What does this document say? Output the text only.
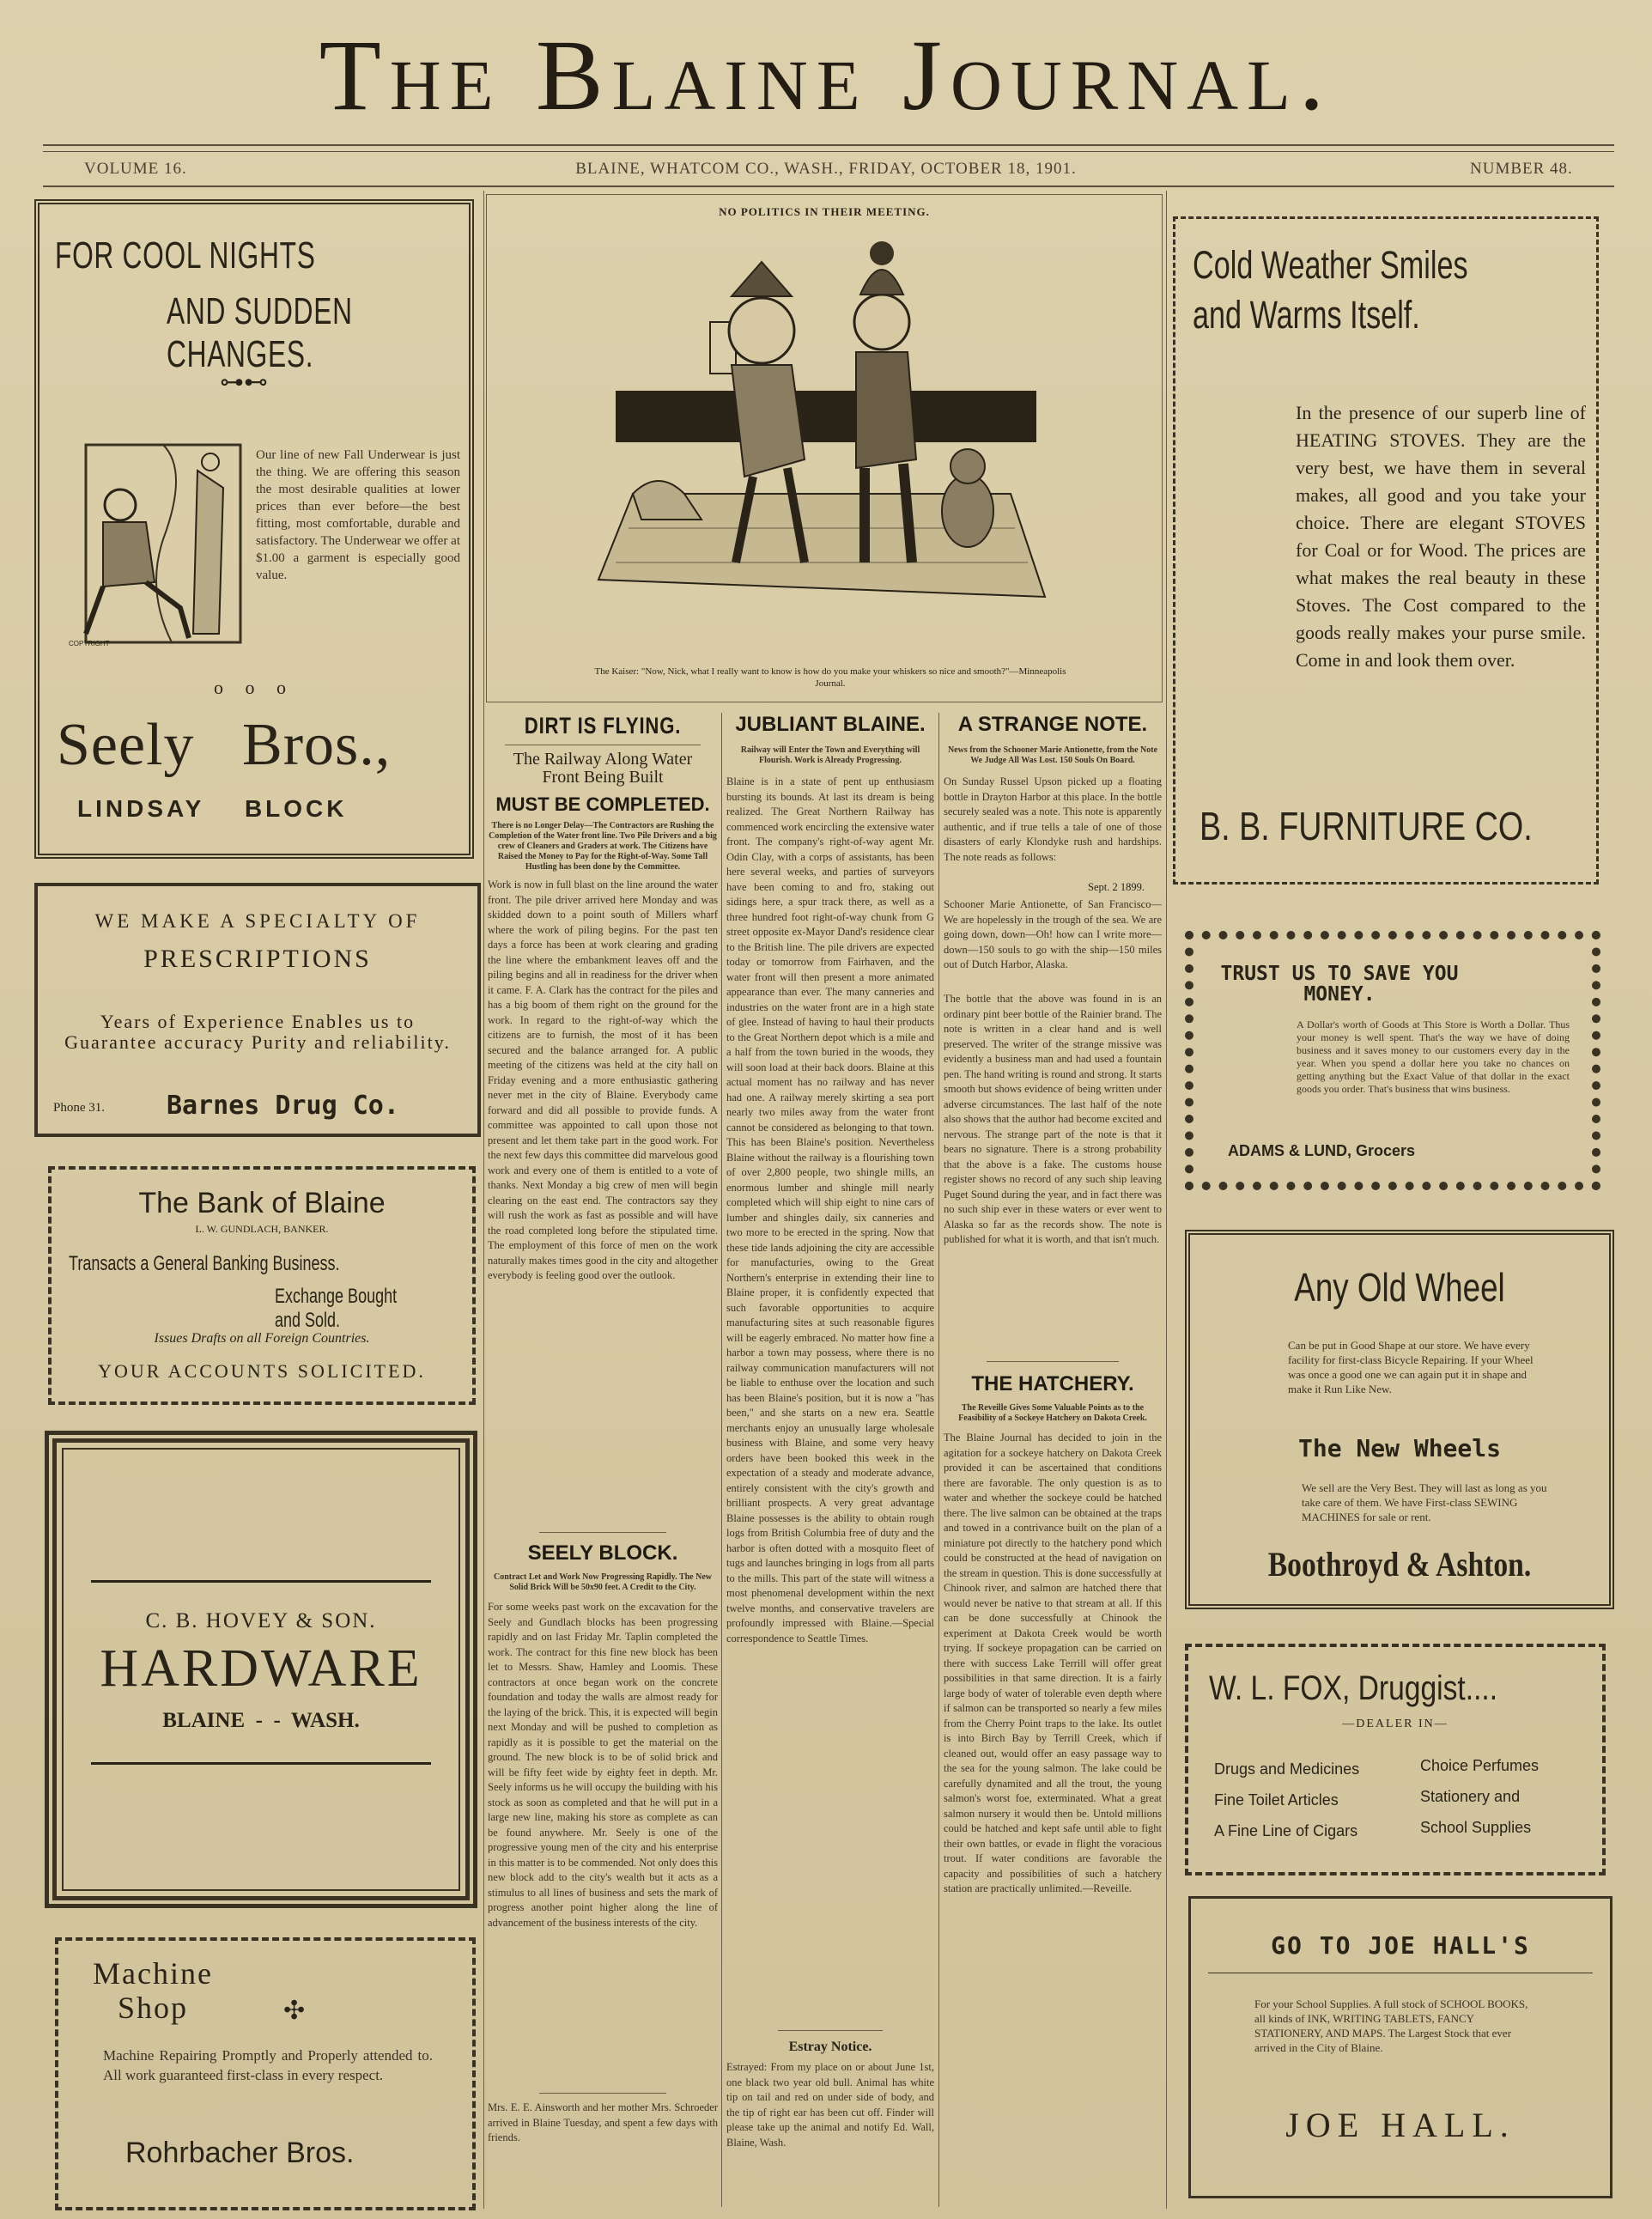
The Blaine Journal.
VOLUME 16.	BLAINE, WHATCOM CO., WASH., FRIDAY, OCTOBER 18, 1901.	NUMBER 48.
FOR COOL NIGHTS
AND SUDDEN CHANGES.
⊶⊷
COPYRIGHT
Our line of new Fall Underwear is just the thing. We are offering this season the most desirable qualities at lower prices than ever before—the best fitting, most comfortable, durable and satisfactory. The Underwear we offer at $1.00 a garment is especially good value.
o o o
Seely   Bros.,
LINDSAY    BLOCK
WE MAKE A SPECIALTY OF
PRESCRIPTIONS
Years of Experience Enables us to Guarantee accuracy Purity and reliability.
Phone 31. Barnes Drug Co.
The Bank of Blaine
L. W. GUNDLACH, BANKER.
Transacts a General Banking Business.
Exchange Bought and Sold.
Issues Drafts on all Foreign Countries.
YOUR ACCOUNTS SOLICITED.
C. B. HOVEY & SON.
HARDWARE
BLAINE  -  -  WASH.
Machine Shop	✣
Machine Repairing Promptly and Properly attended to. All work guaranteed first-class in every respect.
Rohrbacher Bros.
NO POLITICS IN THEIR MEETING.
The Kaiser: "Now, Nick, what I really want to know is how do you make your whiskers so nice and smooth?"—Minneapolis Journal.
DIRT IS FLYING.
The Railway Along Water Front Being Built
MUST BE COMPLETED.
There is no Longer Delay—The Contractors are Rushing the Completion of the Water front line. Two Pile Drivers and a big crew of Cleaners and Graders at work. The Citizens have Raised the Money to Pay for the Right-of-Way. Some Tall Hustling has been done by the Committee.
Work is now in full blast on the line around the water front. The pile driver arrived here Monday and was skidded down to a point south of Millers wharf where the work of piling begins. For the past ten days a force has been at work clearing and grading the line where the embankment leaves off and the piling begins and all in readiness for the driver when it came. F. A. Clark has the contract for the piles and has a big boom of them right on the ground for the work. In regard to the right-of-way which the citizens are to furnish, the most of it has been secured and the balance arranged for. A public meeting of the citizens was held at the city hall on Friday evening and a more enthusiastic gathering never met in the city of Blaine. Everybody came forward and did all possible to provide funds. A committee was appointed to call upon those not present and let them take part in the good work. For the next few days this committee did marvelous good work and every one of them is entitled to a vote of thanks. Next Monday a big crew of men will begin clearing on the east end. The contractors say they will rush the work as fast as possible and will have the road completed long before the stipulated time. The employment of this force of men on the work naturally makes times good in the city and altogether everybody is feeling good over the outlook.
SEELY BLOCK.
Contract Let and Work Now Progressing Rapidly. The New Solid Brick Will be 50x90 feet. A Credit to the City.
For some weeks past work on the excavation for the Seely and Gundlach blocks has been progressing rapidly and on last Friday Mr. Taplin completed the work. The contract for this fine new block has been let to Messrs. Shaw, Hamley and Loomis. These contractors at once began work on the concrete foundation and today the walls are almost ready for the laying of the brick. This, it is expected will begin next Monday and will be pushed to completion as rapidly as it is possible to get the material on the ground. The new block is to be of solid brick and will be fifty feet wide by eighty feet in depth. Mr. Seely informs us he will occupy the building with his stock as soon as completed and that he will put in a large new line, making his store as complete as can be found anywhere. Mr. Seely is one of the progressive young men of the city and his enterprise in this matter is to be commended. Not only does this new block add to the city's wealth but it acts as a stimulus to all lines of business and sets the mark of progress another point higher along the line of advancement of the business interests of the city.
Mrs. E. E. Ainsworth and her mother Mrs. Schroeder arrived in Blaine Tuesday, and spent a few days with friends.
JUBLIANT BLAINE.
Railway will Enter the Town and Everything will Flourish. Work is Already Progressing.
Blaine is in a state of pent up enthusiasm bursting its bounds. At last its dream is being realized. The Great Northern Railway has commenced work encircling the extensive water front. The company's right-of-way agent Mr. Odin Clay, with a corps of assistants, has been here several weeks, and parties of surveyors have been coming to and fro, staking out sidings here, a spur track there, as well as a three hundred foot right-of-way chunk from G street opposite ex-Mayor Dand's residence clear to the British line. The pile drivers are expected today or tomorrow from Fairhaven, and the water front will then present a more animated appearance than ever. The many canneries and industries on the water front are in a high state of glee. Instead of having to haul their products to the Great Northern depot which is a mile and a half from the town buried in the woods, they will soon load at their back doors. Blaine at this actual moment has no railway and has never had one. A railway merely skirting a sea port nearly two miles away from the water front cannot be considered as belonging to that town. This has been Blaine's position. Nevertheless Blaine without the railway is a flourishing town of over 2,800 people, two shingle mills, an enormous lumber and shingle mill nearly completed which will ship eight to nine cars of lumber and shingles daily, six canneries and two more to be erected in the spring. Now that these tide lands adjoining the city are accessible for manufacturies, owing to the Great Northern's enterprise in extending their line to Blaine proper, it is confidently expected that such favorable opportunities to acquire manufacturing sites at such reasonable figures will be eagerly embraced. No matter how fine a harbor a town may possess, where there is no railway communication manufacturers will not be liable to enthuse over the location and such has been Blaine's position, but it is now a "has been," and she starts on a new era. Seattle merchants enjoy an unusually large wholesale business with Blaine, and some very heavy orders have been booked this week in the expectation of a steady and moderate advance, entirely consistent with the city's growth and brilliant prospects. A very great advantage Blaine possesses is the ability to obtain rough logs from British Columbia free of duty and the harbor is often dotted with a mosquito fleet of tugs and launches bringing in logs from all parts to the mills. This part of the state will witness a most phenomenal development within the next twelve months, and conservative travelers are profoundly impressed with Blaine.—Special correspondence to Seattle Times.
Estray Notice.
Estrayed: From my place on or about June 1st, one black two year old bull. Animal has white tip on tail and red on under side of body, and the tip of right ear has been cut off. Finder will please take up the animal and notify Ed. Wall, Blaine, Wash.
A STRANGE NOTE.
News from the Schooner Marie Antionette, from the Note We Judge All Was Lost. 150 Souls On Board.
On Sunday Russel Upson picked up a floating bottle in Drayton Harbor at this place. In the bottle securely sealed was a note. This note is apparently authentic, and if true tells a tale of one of those disasters of early Klondyke rush and hardships. The note reads as follows:
Sept. 2 1899.
Schooner Marie Antionette, of San Francisco—We are hopelessly in the trough of the sea. We are going down, down—Oh! how can I write more—down—150 souls to go with the ship—150 miles out of Dutch Harbor, Alaska.
The bottle that the above was found in is an ordinary pint beer bottle of the Rainier brand. The note is written in a clear hand and is well preserved. The writer of the strange missive was evidently a business man and had used a fountain pen. The hand writing is round and strong. It starts smooth but shows evidence of being written under adverse circumstances. The last half of the note also shows that the author had become excited and nervous. The strange part of the note is that it bears no signature. There is a strong probability that the above is a fake. The customs house register shows no record of any such ship leaving Puget Sound during the year, and in fact there was no such ship ever in these waters or ever went to Alaska so far as the records show. The note is published for what it is worth, and that isn't much.
THE HATCHERY.
The Reveille Gives Some Valuable Points as to the Feasibility of a Sockeye Hatchery on Dakota Creek.
The Blaine Journal has decided to join in the agitation for a sockeye hatchery on Dakota Creek provided it can be ascertained that conditions there are favorable. The only question is as to water and whether the sockeye could be hatched there. The live salmon can be obtained at the traps and towed in a contrivance built on the plan of a miniature pot directly to the hatchery pond which could be constructed at the head of navigation on the stream in question. This is done successfully at Chinook river, and salmon are hatched there that would never be native to that stream at all. If this can be done successfully at Chinook the experiment at Dakota Creek would be worth trying. If sockeye propagation can be carried on there with success Lake Terrill will offer great possibilities in that same direction. It is a fairly large body of water of tolerable even depth where if salmon can be transported so nearly a few miles from the Cherry Point traps to the lake. Its outlet is into Birch Bay by Terrill Creek, which if cleaned out, would offer an easy passage way to the sea for the young salmon. The lake could be carefully dynamited and all the trout, the young salmon's worst foe, exterminated. What a great salmon nursery it would then be. Untold millions could be hatched and kept safe until able to fight their own battles, or evade in flight the voracious trout. If water conditions are favorable the capacity and possibilities of such a hatchery station are practically unlimited.—Reveille.
Cold Weather Smiles
and Warms Itself.
In the presence of our superb line of HEATING STOVES. They are the very best, we have them in several makes, all good and you take your choice. There are elegant STOVES for Coal or for Wood. The prices are what makes the real beauty in these Stoves. The Cost compared to the goods really makes your purse smile. Come in and look them over.
B. B. FURNITURE CO.
TRUST US TO SAVE YOU MONEY.
A Dollar's worth of Goods at This Store is Worth a Dollar. Thus your money is well spent. That's the way we have of doing business and it saves money to our customers every day in the year. When you spend a dollar here you take no chances on getting anything but the Exact Value of that dollar in the exact goods you order. That's business that wins business.
ADAMS & LUND, Grocers
Any Old Wheel
Can be put in Good Shape at our store. We have every facility for first-class Bicycle Repairing. If your Wheel was once a good one we can again put it in shape and make it Run Like New.
The New Wheels
We sell are the Very Best. They will last as long as you take care of them. We have First-class SEWING MACHINES for sale or rent.
Boothroyd & Ashton.
W. L. FOX, Druggist....
—DEALER IN—
Drugs and Medicines
Fine Toilet Articles
A Fine Line of Cigars
Choice Perfumes
Stationery and
School Supplies
GO TO JOE HALL'S
For your School Supplies. A full stock of SCHOOL BOOKS, all kinds of INK, WRITING TABLETS, FANCY STATIONERY, AND MAPS. The Largest Stock that ever arrived in the City of Blaine.
JOE HALL.
